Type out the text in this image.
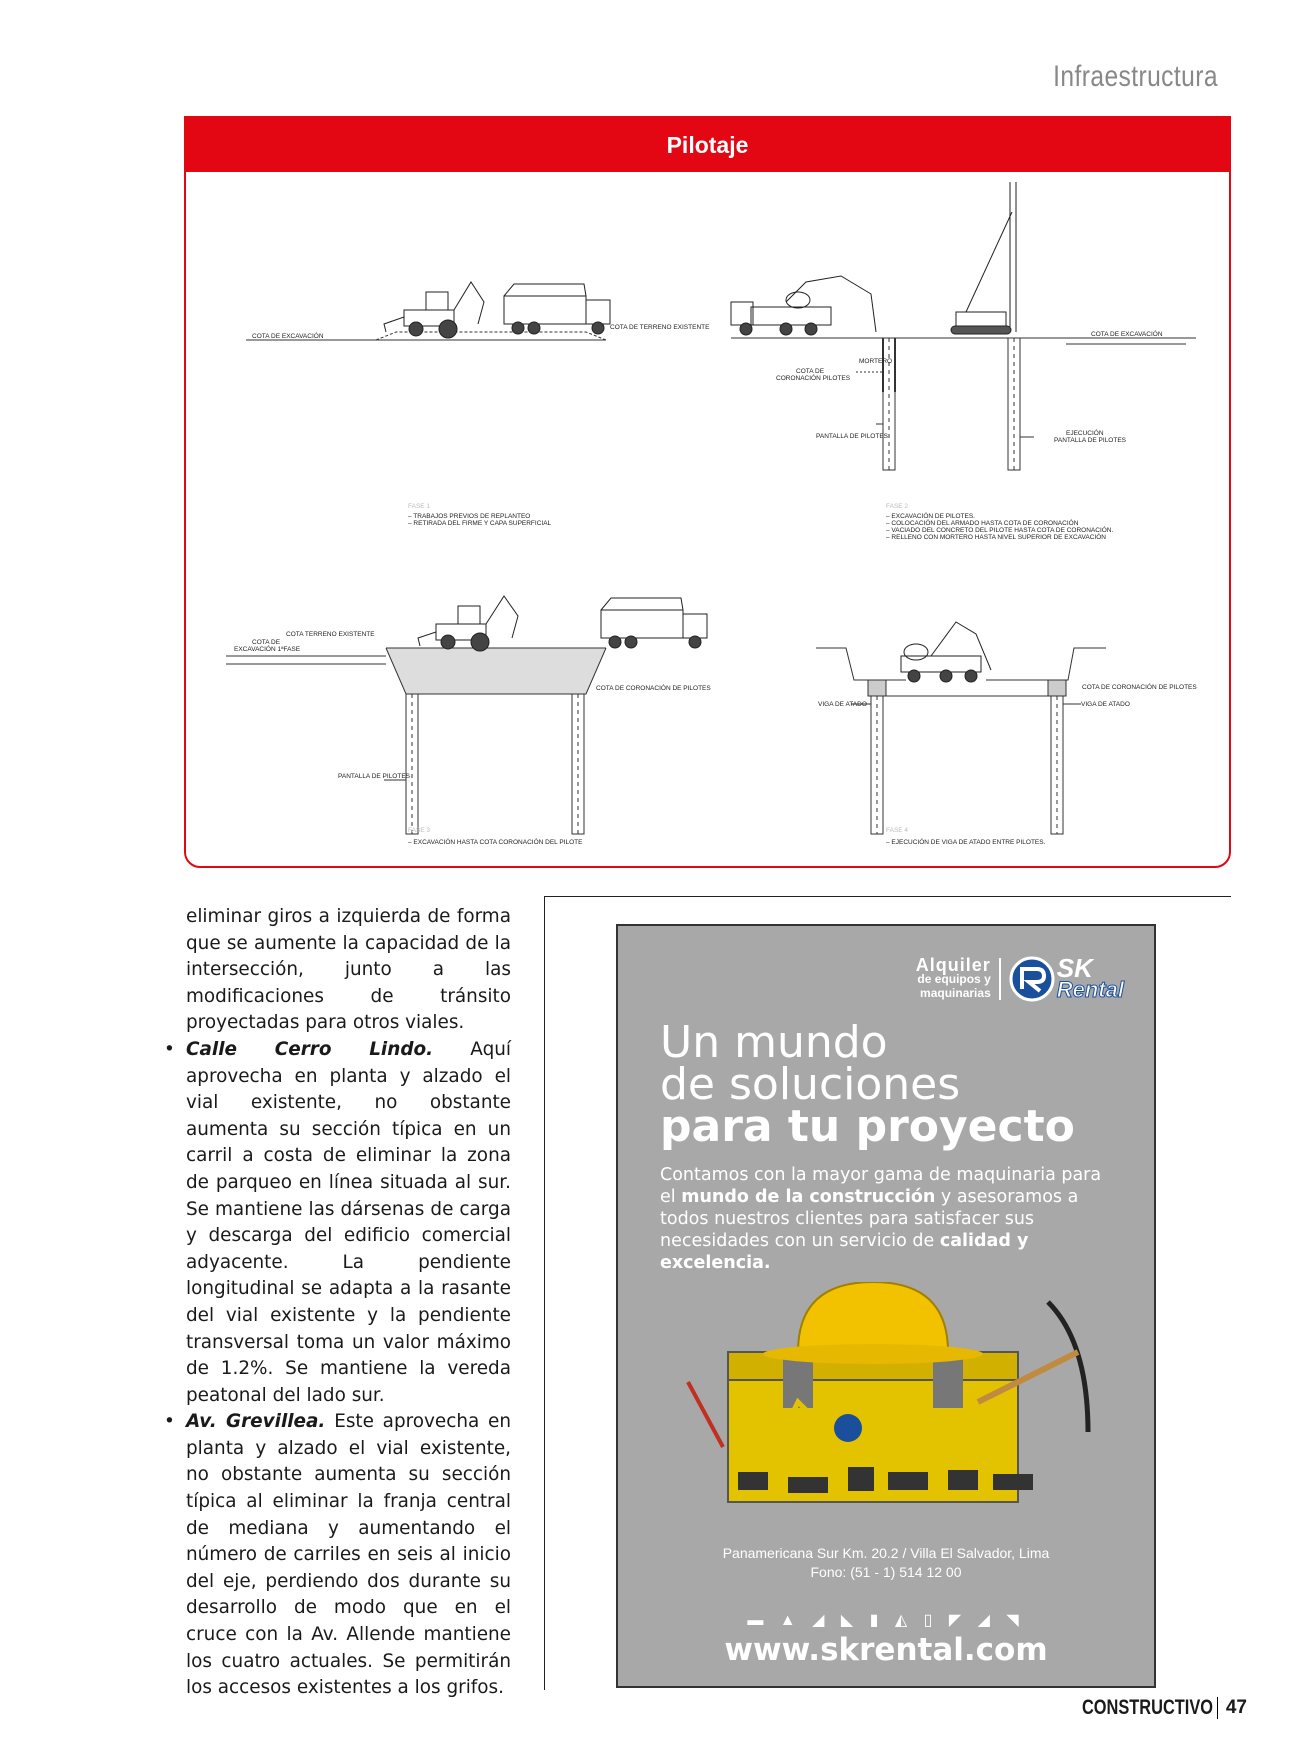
Infraestructura
Pilotaje
COTA DE EXCAVACIÓN
COTA DE TERRENO EXISTENTE
FASE 1
– TRABAJOS PREVIOS DE REPLANTEO
– RETIRADA DEL FIRME Y CAPA SUPERFICIAL
MORTERO
COTA DE
CORONACIÓN PILOTES
PANTALLA DE PILOTES	EJECUCIÓN
PANTALLA DE PILOTES
COTA DE EXCAVACIÓN
FASE 2
– EXCAVACIÓN DE PILOTES.
– COLOCACIÓN DEL ARMADO HASTA COTA DE CORONACIÓN
– VACIADO DEL CONCRETO DEL PILOTE HASTA COTA DE CORONACIÓN.
– RELLENO CON MORTERO HASTA NIVEL SUPERIOR DE EXCAVACIÓN
COTA TERRENO EXISTENTE
COTA DE
EXCAVACIÓN 1ªFASE
COTA DE CORONACIÓN DE PILOTES
PANTALLA DE PILOTES
FASE 3
– EXCAVACIÓN HASTA COTA CORONACIÓN DEL PILOTE
VIGA DE ATADO	VIGA DE ATADO
COTA DE CORONACIÓN DE PILOTES
FASE 4
– EJECUCIÓN DE VIGA DE ATADO ENTRE PILOTES.

eliminar giros a izquierda de forma que se aumente la capacidad de la intersección, junto a las modificaciones de tránsito proyectadas para otros viales.

• Calle Cerro Lindo. Aquí aprovecha en planta y alzado el vial existente, no obstante aumenta su sección típica en un carril a costa de eliminar la zona de parqueo en línea situada al sur. Se mantiene las dársenas de carga y descarga del edificio comercial adyacente. La pendiente longitudinal se adapta a la rasante del vial existente y la pendiente transversal toma un valor máximo de 1.2%. Se mantiene la vereda peatonal del lado sur.

• Av. Grevillea. Este aprovecha en planta y alzado el vial existente, no obstante aumenta su sección típica al eliminar la franja central de mediana y aumentando el número de carriles en seis al inicio del eje, perdiendo dos durante su desarrollo de modo que en el cruce con la Av. Allende mantiene los cuatro actuales. Se permitirán los accesos existentes a los grifos.

Alquiler
de equipos y
maquinarias
SK
Rental
Un mundo
de soluciones
para tu proyecto
Contamos con la mayor gama de maquinaria para el mundo de la construcción y asesoramos a todos nuestros clientes para satisfacer sus necesidades con un servicio de calidad y excelencia.
Panamericana Sur Km. 20.2 / Villa El Salvador, Lima
Fono: (51 - 1) 514 12 00
▬ ▲ ◢ ◣ ▮ ◭ ▯ ◤ ◢ ◥
www.skrental.com
CONSTRUCTIVO 47
